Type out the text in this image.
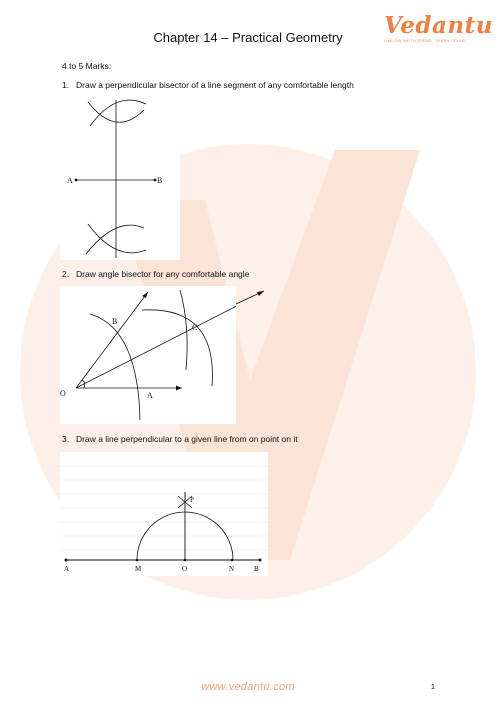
Vedantu
LIVE ONLINE TUTORING · LEARN · EXCEL
Chapter 14 – Practical Geometry
4 to 5 Marks:
1. Draw a perpendicular bisector of a line segment of any comfortable length
A	B
2. Draw angle bisector for any comfortable angle
O	A
B
C
3. Draw a line perpendicular to a given line from on point on it
A	M	O	N	B
P
www.vedantu.com	1
